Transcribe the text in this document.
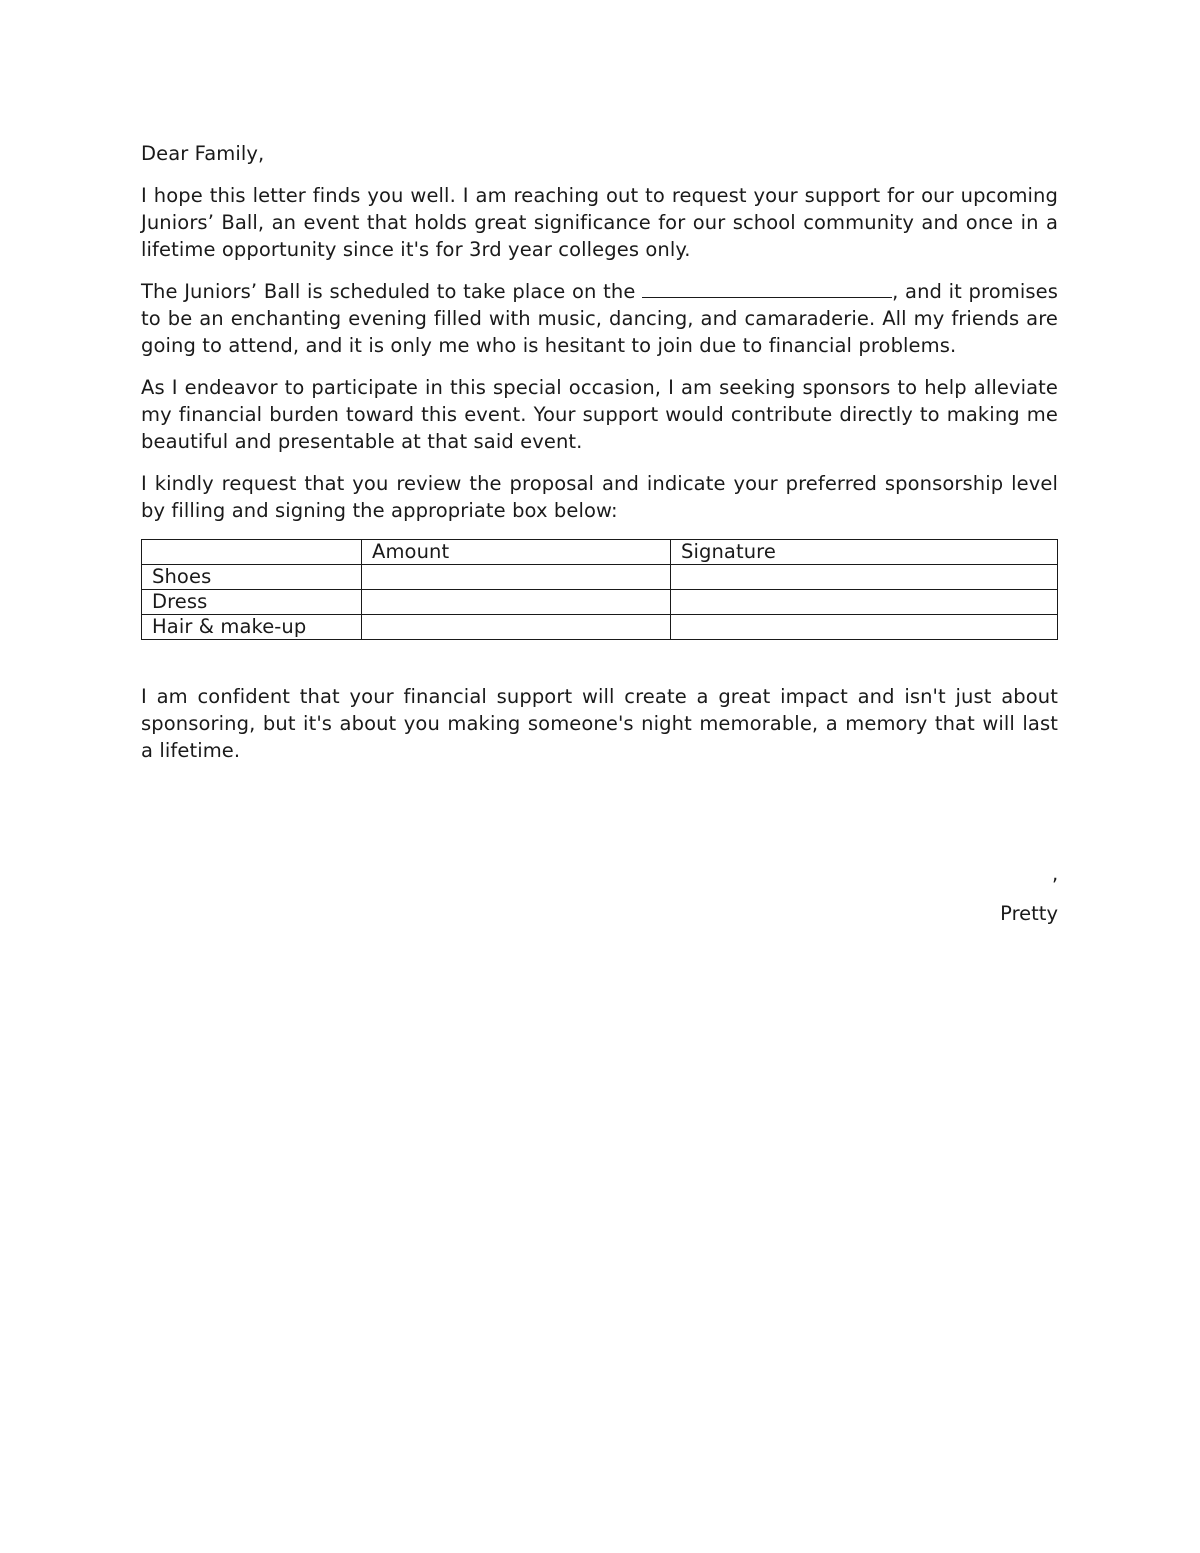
Dear Family,

I hope this letter finds you well. I am reaching out to request your support for our upcoming Juniors’ Ball, an event that holds great significance for our school community and once in a lifetime opportunity since it's for 3rd year colleges only.

The Juniors’ Ball is scheduled to take place on the	, and it promises to be an enchanting evening filled with music, dancing, and camaraderie. All my friends are going to attend, and it is only me who is hesitant to join due to financial problems.

As I endeavor to participate in this special occasion, I am seeking sponsors to help alleviate my financial burden toward this event. Your support would contribute directly to making me beautiful and presentable at that said event.

I kindly request that you review the proposal and indicate your preferred sponsorship level by filling and signing the appropriate box below:

	Amount	Signature
Shoes		
Dress		
Hair & make-up		

I am confident that your financial support will create a great impact and isn't just about sponsoring, but it's about you making someone's night memorable, a memory that will last a lifetime.

,
Pretty
